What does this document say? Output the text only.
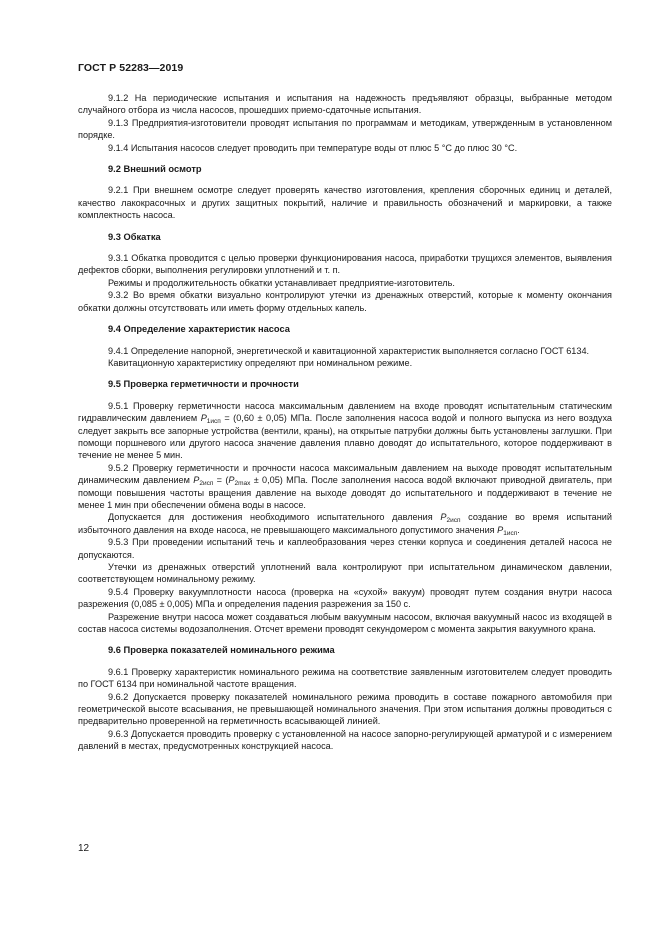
ГОСТ Р 52283—2019

9.1.2 На периодические испытания и испытания на надежность предъявляют образцы, выбранные методом случайного отбора из числа насосов, прошедших приемо-сдаточные испытания.

9.1.3 Предприятия-изготовители проводят испытания по программам и методикам, утвержденным в установленном порядке.

9.1.4 Испытания насосов следует проводить при температуре воды от плюс 5 °С до плюс 30 °С.

9.2 Внешний осмотр

9.2.1 При внешнем осмотре следует проверять качество изготовления, крепления сборочных единиц и деталей, качество лакокрасочных и других защитных покрытий, наличие и правильность обозначений и маркировки, а также комплектность насоса.

9.3 Обкатка

9.3.1 Обкатка проводится с целью проверки функционирования насоса, приработки трущихся элементов, выявления дефектов сборки, выполнения регулировки уплотнений и т. п.

Режимы и продолжительность обкатки устанавливает предприятие-изготовитель.

9.3.2 Во время обкатки визуально контролируют утечки из дренажных отверстий, которые к моменту окончания обкатки должны отсутствовать или иметь форму отдельных капель.

9.4 Определение характеристик насоса

9.4.1 Определение напорной, энергетической и кавитационной характеристик выполняется согласно ГОСТ 6134.

Кавитационную характеристику определяют при номинальном режиме.

9.5 Проверка герметичности и прочности

9.5.1 Проверку герметичности насоса максимальным давлением на входе проводят испытательным статическим гидравлическим давлением $P_{1исп} = (0,60 \pm 0,05)$ МПа. После заполнения насоса водой и полного выпуска из него воздуха следует закрыть все запорные устройства (вентили, краны), на открытые патрубки должны быть установлены заглушки. При помощи поршневого или другого насоса значение давления плавно доводят до испытательного, которое поддерживают в течение не менее 5 мин.

9.5.2 Проверку герметичности и прочности насоса максимальным давлением на выходе проводят испытательным динамическим давлением $P_{2исп} = (P_{2max} \pm 0,05)$ МПа. После заполнения насоса водой включают приводной двигатель, при помощи повышения частоты вращения давление на выходе доводят до испытательного и поддерживают в течение не менее 1 мин при обеспечении обмена воды в насосе.

Допускается для достижения необходимого испытательного давления $P_{2исп}$ создание во время испытаний избыточного давления на входе насоса, не превышающего максимального допустимого значения $P_{1исп}$.

9.5.3 При проведении испытаний течь и каплеобразования через стенки корпуса и соединения деталей насоса не допускаются.

Утечки из дренажных отверстий уплотнений вала контролируют при испытательном динамическом давлении, соответствующем номинальному режиму.

9.5.4 Проверку вакуумплотности насоса (проверка на «сухой» вакуум) проводят путем создания внутри насоса разрежения (0,085 ± 0,005) МПа и определения падения разрежения за 150 с.

Разрежение внутри насоса может создаваться любым вакуумным насосом, включая вакуумный насос из входящей в состав насоса системы водозаполнения. Отсчет времени проводят секундомером с момента закрытия вакуумного крана.

9.6 Проверка показателей номинального режима

9.6.1 Проверку характеристик номинального режима на соответствие заявленным изготовителем следует проводить по ГОСТ 6134 при номинальной частоте вращения.

9.6.2 Допускается проверку показателей номинального режима проводить в составе пожарного автомобиля при геометрической высоте всасывания, не превышающей номинального значения. При этом испытания должны проводиться с предварительно проверенной на герметичность всасывающей линией.

9.6.3 Допускается проводить проверку с установленной на насосе запорно-регулирующей арматурой и с измерением давлений в местах, предусмотренных конструкцией насоса.

12
